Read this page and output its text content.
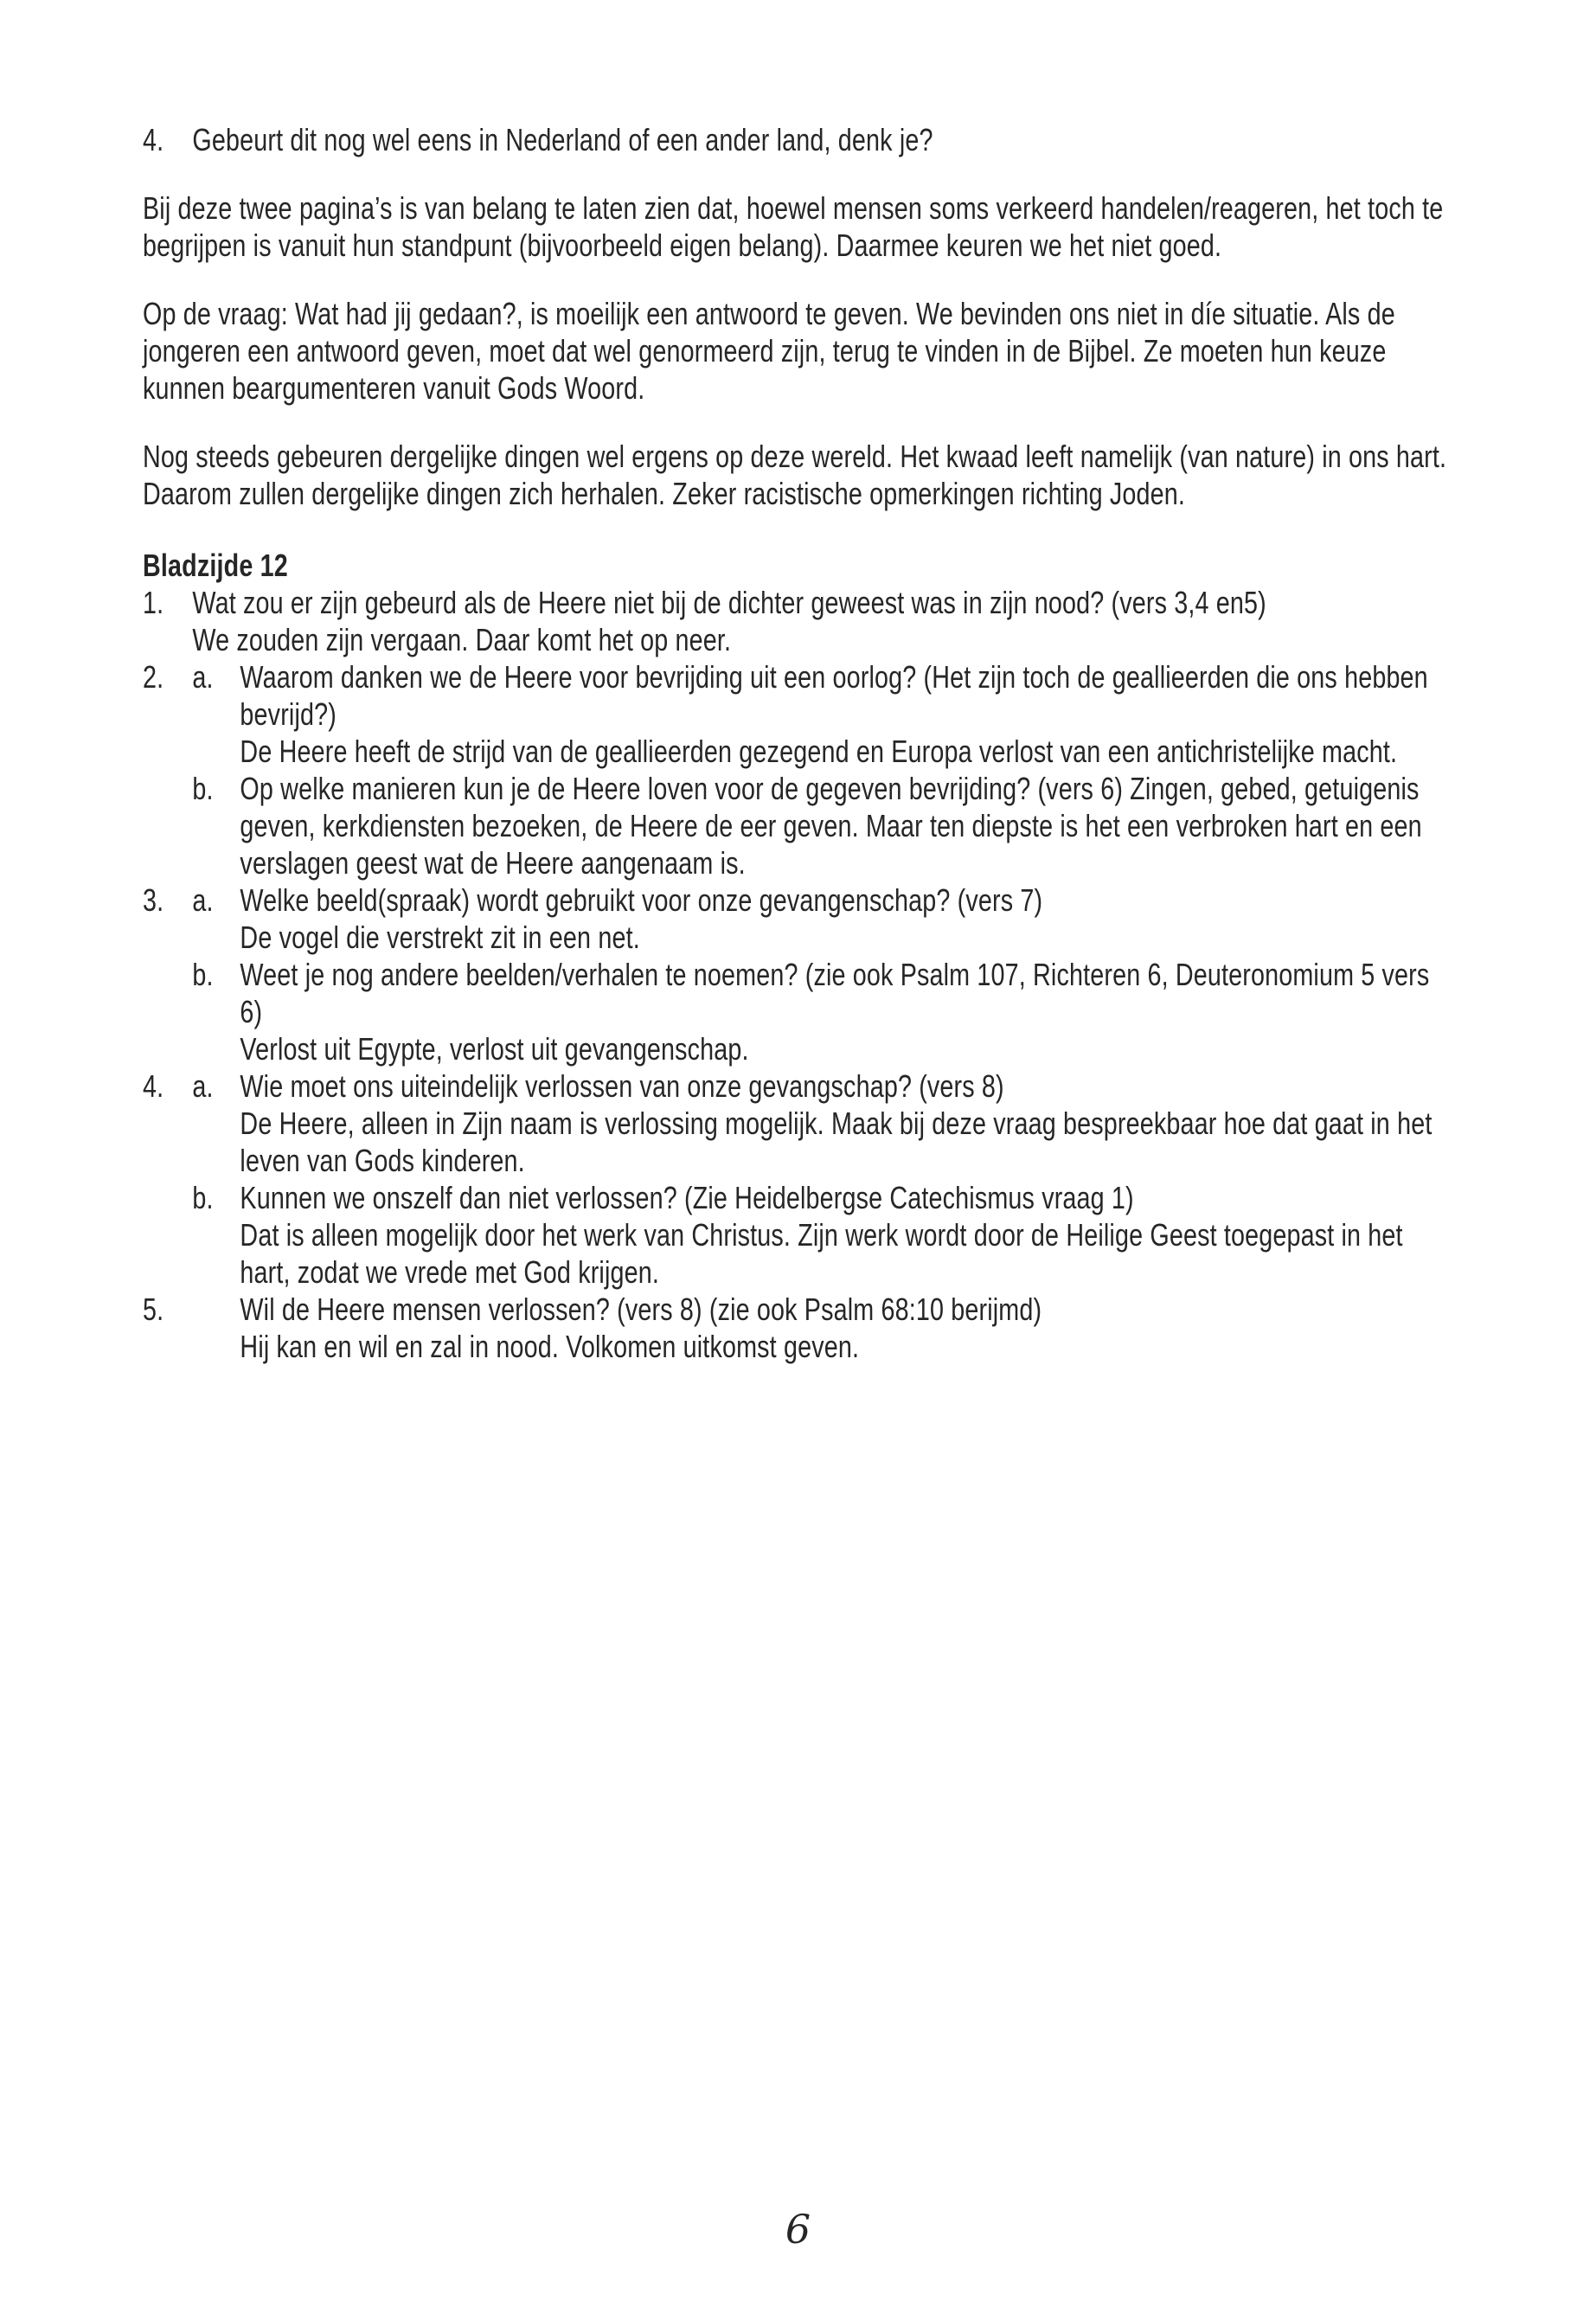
4. Gebeurt dit nog wel eens in Nederland of een ander land, denk je?

Bij deze twee pagina’s is van belang te laten zien dat, hoewel mensen soms verkeerd handelen/reageren, het toch te begrijpen is vanuit hun standpunt (bijvoorbeeld eigen belang). Daarmee keuren we het niet goed.

Op de vraag: Wat had jij gedaan?, is moeilijk een antwoord te geven. We bevinden ons niet in díe situatie. Als de jongeren een antwoord geven, moet dat wel genormeerd zijn, terug te vinden in de Bijbel. Ze moeten hun keuze kunnen beargumenteren vanuit Gods Woord.

Nog steeds gebeuren dergelijke dingen wel ergens op deze wereld. Het kwaad leeft namelijk (van nature) in ons hart. Daarom zullen dergelijke dingen zich herhalen. Zeker racistische opmerkingen richting Joden.

Bladzijde 12
1. Wat zou er zijn gebeurd als de Heere niet bij de dichter geweest was in zijn nood? (vers 3,4 en5)
We zouden zijn vergaan. Daar komt het op neer.
2. a. Waarom danken we de Heere voor bevrijding uit een oorlog? (Het zijn toch de geallieerden die ons hebben bevrijd?)
De Heere heeft de strijd van de geallieerden gezegend en Europa verlost van een antichristelijke macht.
b. Op welke manieren kun je de Heere loven voor de gegeven bevrijding? (vers 6) Zingen, gebed, getuigenis geven, kerkdiensten bezoeken, de Heere de eer geven. Maar ten diepste is het een verbroken hart en een verslagen geest wat de Heere aangenaam is.
3. a. Welke beeld(spraak) wordt gebruikt voor onze gevangenschap? (vers 7)
De vogel die verstrekt zit in een net.
b. Weet je nog andere beelden/verhalen te noemen? (zie ook Psalm 107, Richteren 6, Deuteronomium 5 vers 6)
Verlost uit Egypte, verlost uit gevangenschap.
4. a. Wie moet ons uiteindelijk verlossen van onze gevangschap? (vers 8)
De Heere, alleen in Zijn naam is verlossing mogelijk. Maak bij deze vraag bespreekbaar hoe dat gaat in het leven van Gods kinderen.
b. Kunnen we onszelf dan niet verlossen? (Zie Heidelbergse Catechismus vraag 1)
Dat is alleen mogelijk door het werk van Christus. Zijn werk wordt door de Heilige Geest toegepast in het hart, zodat we vrede met God krijgen.
5.	Wil de Heere mensen verlossen? (vers 8) (zie ook Psalm 68:10 berijmd)
Hij kan en wil en zal in nood. Volkomen uitkomst geven.
6
